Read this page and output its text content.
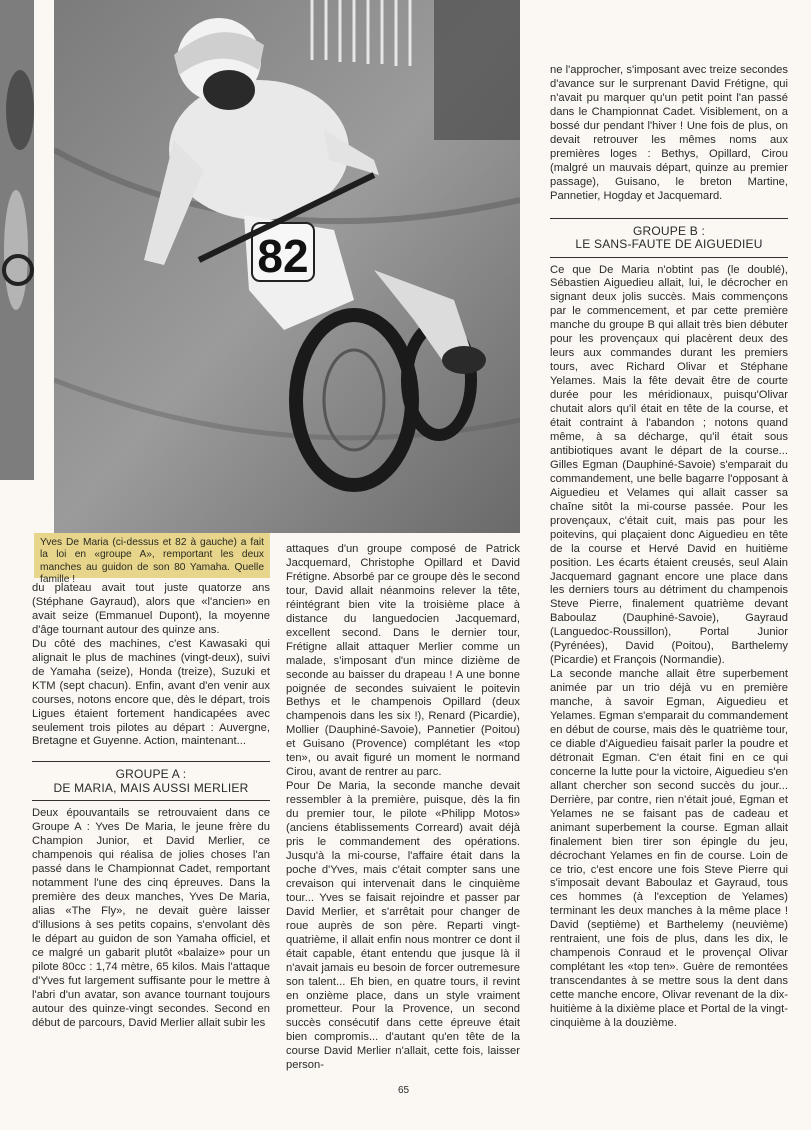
82
Yves De Maria (ci-dessus et 82 à gauche) a fait la loi en «groupe A», remportant les deux manches au guidon de son 80 Yamaha. Quelle famille !

du plateau avait tout juste quatorze ans (Stéphane Gayraud), alors que «l'ancien» en avait seize (Emmanuel Dupont), la moyenne d'âge tournant autour des quinze ans.

Du côté des machines, c'est Kawasaki qui alignait le plus de machines (vingt-deux), suivi de Yamaha (seize), Honda (treize), Suzuki et KTM (sept chacun). Enfin, avant d'en venir aux courses, notons encore que, dès le départ, trois Ligues étaient fortement handicapées avec seulement trois pilotes au départ : Auvergne, Bretagne et Guyenne. Action, maintenant...

GROUPE A :
DE MARIA, MAIS AUSSI MERLIER

Deux épouvantails se retrouvaient dans ce Groupe A : Yves De Maria, le jeune frère du Champion Junior, et David Merlier, ce champenois qui réalisa de jolies choses l'an passé dans le Championnat Cadet, remportant notamment l'une des cinq épreuves. Dans la première des deux manches, Yves De Maria, alias «The Fly», ne devait guère laisser d'illusions à ses petits copains, s'envolant dès le départ au guidon de son Yamaha officiel, et ce malgré un gabarit plutôt «balaize» pour un pilote 80cc : 1,74 mètre, 65 kilos. Mais l'attaque d'Yves fut largement suffisante pour le mettre à l'abri d'un avatar, son avance tournant toujours autour des quinze-vingt secondes. Second en début de parcours, David Merlier allait subir les

attaques d'un groupe composé de Patrick Jacquemard, Christophe Opillard et David Frétigne. Absorbé par ce groupe dès le second tour, David allait néanmoins relever la tête, réintégrant bien vite la troisième place à distance du languedocien Jacquemard, excellent second. Dans le dernier tour, Frétigne allait attaquer Merlier comme un malade, s'imposant d'un mince dizième de seconde au baisser du drapeau ! A une bonne poignée de secondes suivaient le poitevin Bethys et le champenois Opillard (deux champenois dans les six !), Renard (Picardie), Mollier (Dauphiné-Savoie), Pannetier (Poitou) et Guisano (Provence) complétant les «top ten», ou avait figuré un moment le normand Cirou, avant de rentrer au parc.

Pour De Maria, la seconde manche devait ressembler à la première, puisque, dès la fin du premier tour, le pilote «Philipp Motos» (anciens établissements Correard) avait déjà pris le commandement des opérations. Jusqu'à la mi-course, l'affaire était dans la poche d'Yves, mais c'était compter sans une crevaison qui intervenait dans le cinquième tour... Yves se faisait rejoindre et passer par David Merlier, et s'arrêtait pour changer de roue auprès de son père. Reparti vingt-quatrième, il allait enfin nous montrer ce dont il était capable, étant entendu que jusque là il n'avait jamais eu besoin de forcer outremesure son talent... Eh bien, en quatre tours, il revint en onzième place, dans un style vraiment prometteur. Pour la Provence, un second succès consécutif dans cette épreuve était bien compromis... d'autant qu'en tête de la course David Merlier n'allait, cette fois, laisser person-

ne l'approcher, s'imposant avec treize secondes d'avance sur le surprenant David Frétigne, qui n'avait pu marquer qu'un petit point l'an passé dans le Championnat Cadet. Visiblement, on a bossé dur pendant l'hiver ! Une fois de plus, on devait retrouver les mêmes noms aux premières loges : Bethys, Opillard, Cirou (malgré un mauvais départ, quinze au premier passage), Guisano, le breton Martine, Pannetier, Hogday et Jacquemard.

GROUPE B :
LE SANS-FAUTE DE AIGUEDIEU

Ce que De Maria n'obtint pas (le doublé), Sébastien Aiguedieu allait, lui, le décrocher en signant deux jolis succès. Mais commençons par le commencement, et par cette première manche du groupe B qui allait très bien débuter pour les provençaux qui placèrent deux des leurs aux commandes durant les premiers tours, avec Richard Olivar et Stéphane Yelames. Mais la fête devait être de courte durée pour les méridionaux, puisqu'Olivar chutait alors qu'il était en tête de la course, et était contraint à l'abandon ; notons quand même, à sa décharge, qu'il était sous antibiotiques avant le départ de la course... Gilles Egman (Dauphiné-Savoie) s'emparait du commandement, une belle bagarre l'opposant à Aiguedieu et Velames qui allait casser sa chaîne sitôt la mi-course passée. Pour les provençaux, c'était cuit, mais pas pour les poitevins, qui plaçaient donc Aiguedieu en tête de la course et Hervé David en huitième position. Les écarts étaient creusés, seul Alain Jacquemard gagnant encore une place dans les derniers tours au détriment du champenois Steve Pierre, finalement quatrième devant Baboulaz (Dauphiné-Savoie), Gayraud (Languedoc-Roussillon), Portal Junior (Pyrénées), David (Poitou), Barthelemy (Picardie) et François (Normandie).

La seconde manche allait être superbement animée par un trio déjà vu en première manche, à savoir Egman, Aiguedieu et Yelames. Egman s'emparait du commandement en début de course, mais dès le quatrième tour, ce diable d'Aiguedieu faisait parler la poudre et détronait Egman. C'en était fini en ce qui concerne la lutte pour la victoire, Aiguedieu s'en allant chercher son second succès du jour... Derrière, par contre, rien n'était joué, Egman et Yelames ne se faisant pas de cadeau et animant superbement la course. Egman allait finalement bien tirer son épingle du jeu, décrochant Yelames en fin de course. Loin de ce trio, c'est encore une fois Steve Pierre qui s'imposait devant Baboulaz et Gayraud, tous ces hommes (à l'exception de Yelames) terminant les deux manches à la même place ! David (septième) et Barthelemy (neuvième) rentraient, une fois de plus, dans les dix, le champenois Conraud et le provençal Olivar complétant les «top ten». Guère de remontées transcendantes à se mettre sous la dent dans cette manche encore, Olivar revenant de la dix-huitième à la dixième place et Portal de la vingt-cinquième à la douzième.

65
